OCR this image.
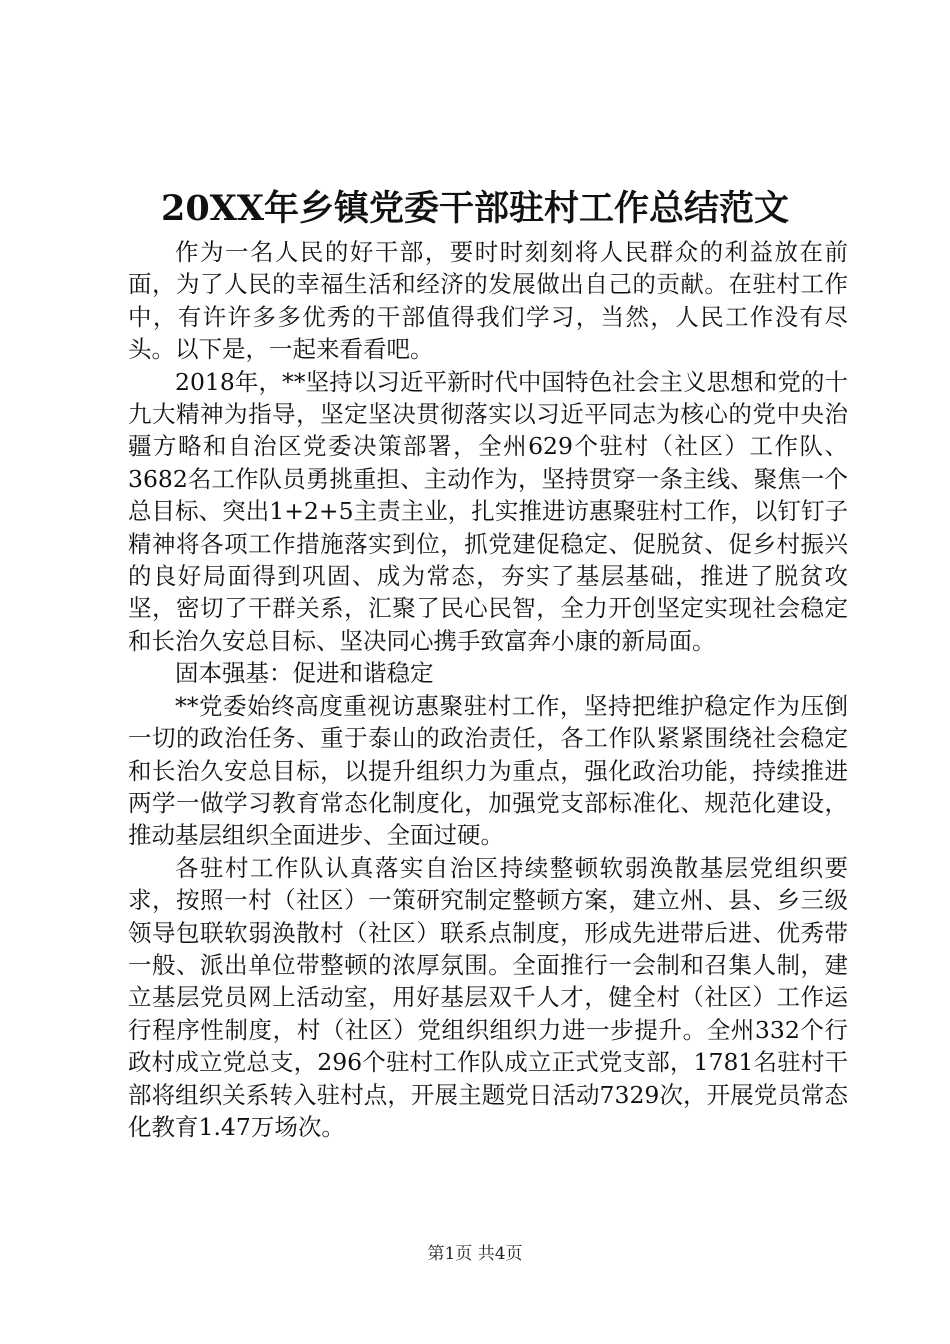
20XX年乡镇党委干部驻村工作总结范文

作为一名人民的好干部，要时时刻刻将人民群众的利益放在前面，为了人民的幸福生活和经济的发展做出自己的贡献。在驻村工作中，有许许多多优秀的干部值得我们学习，当然，人民工作没有尽头。以下是，一起来看看吧。

2018年，**坚持以习近平新时代中国特色社会主义思想和党的十九大精神为指导，坚定坚决贯彻落实以习近平同志为核心的党中央治疆方略和自治区党委决策部署，全州629个驻村（社区）工作队、3682名工作队员勇挑重担、主动作为，坚持贯穿一条主线、聚焦一个总目标、突出1+2+5主责主业，扎实推进访惠聚驻村工作，以钉钉子精神将各项工作措施落实到位，抓党建促稳定、促脱贫、促乡村振兴的良好局面得到巩固、成为常态，夯实了基层基础，推进了脱贫攻坚，密切了干群关系，汇聚了民心民智，全力开创坚定实现社会稳定和长治久安总目标、坚决同心携手致富奔小康的新局面。

固本强基：促进和谐稳定

**党委始终高度重视访惠聚驻村工作，坚持把维护稳定作为压倒一切的政治任务、重于泰山的政治责任，各工作队紧紧围绕社会稳定和长治久安总目标，以提升组织力为重点，强化政治功能，持续推进两学一做学习教育常态化制度化，加强党支部标准化、规范化建设，推动基层组织全面进步、全面过硬。

各驻村工作队认真落实自治区持续整顿软弱涣散基层党组织要求，按照一村（社区）一策研究制定整顿方案，建立州、县、乡三级领导包联软弱涣散村（社区）联系点制度，形成先进带后进、优秀带一般、派出单位带整顿的浓厚氛围。全面推行一会制和召集人制，建立基层党员网上活动室，用好基层双千人才，健全村（社区）工作运行程序性制度，村（社区）党组织组织力进一步提升。全州332个行政村成立党总支，296个驻村工作队成立正式党支部，1781名驻村干部将组织关系转入驻村点，开展主题党日活动7329次，开展党员常态化教育1.47万场次。

第1页 共4页
